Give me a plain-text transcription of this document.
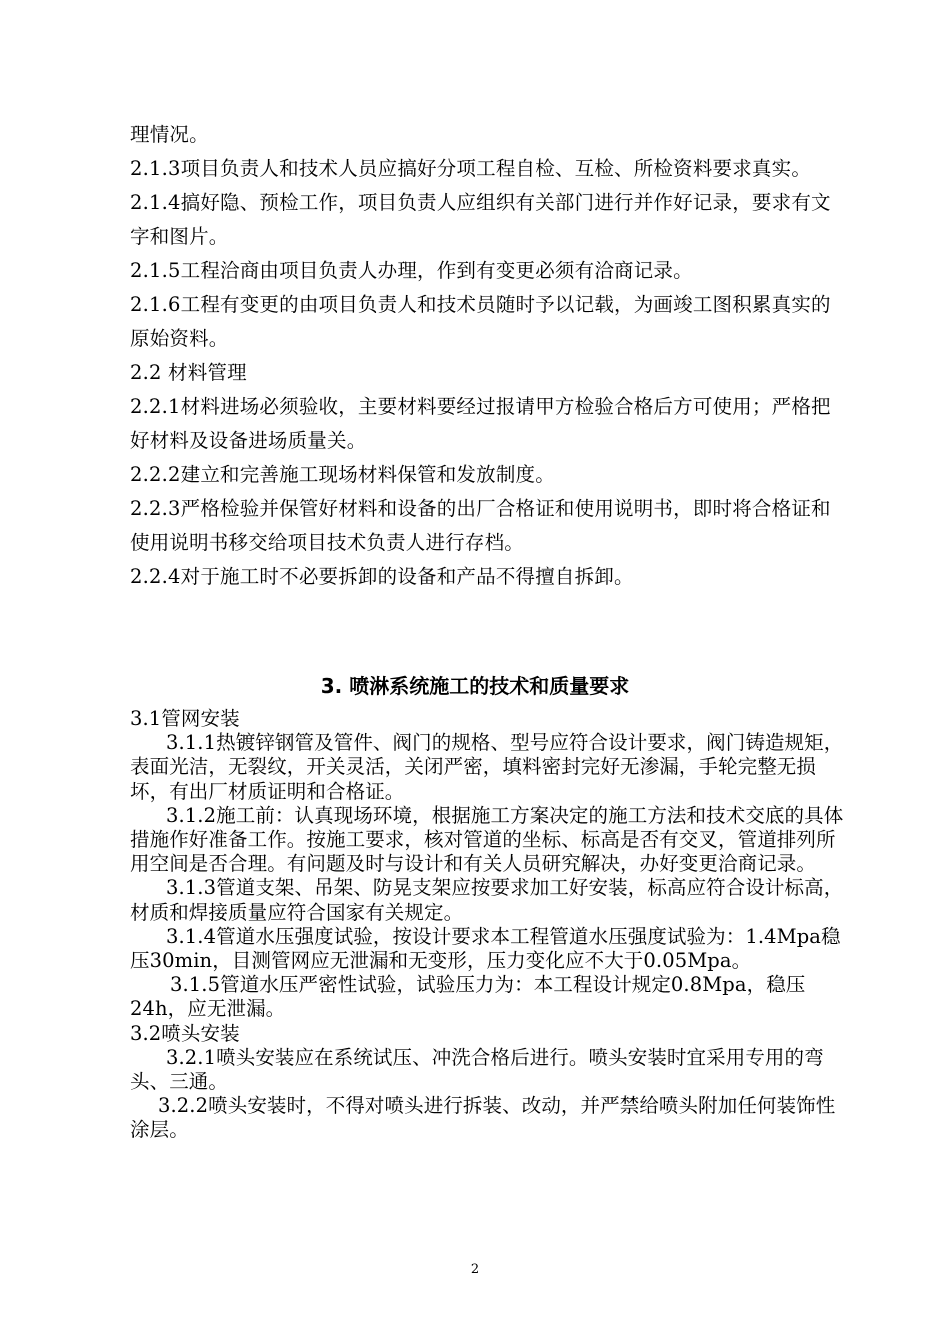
理情况。

2.1.3项目负责人和技术人员应搞好分项工程自检、互检、所检资料要求真实。

2.1.4搞好隐、预检工作，项目负责人应组织有关部门进行并作好记录，要求有文字和图片。

2.1.5工程洽商由项目负责人办理，作到有变更必须有洽商记录。

2.1.6工程有变更的由项目负责人和技术员随时予以记载，为画竣工图积累真实的原始资料。

2.2 材料管理

2.2.1材料进场必须验收，主要材料要经过报请甲方检验合格后方可使用；严格把好材料及设备进场质量关。

2.2.2建立和完善施工现场材料保管和发放制度。

2.2.3严格检验并保管好材料和设备的出厂合格证和使用说明书，即时将合格证和使用说明书移交给项目技术负责人进行存档。

2.2.4对于施工时不必要拆卸的设备和产品不得擅自拆卸。

3. 喷淋系统施工的技术和质量要求

3.1管网安装

3.1.1热镀锌钢管及管件、阀门的规格、型号应符合设计要求，阀门铸造规矩，表面光洁，无裂纹，开关灵活，关闭严密，填料密封完好无渗漏，手轮完整无损坏，有出厂材质证明和合格证。

3.1.2施工前：认真现场环境，根据施工方案决定的施工方法和技术交底的具体措施作好准备工作。按施工要求，核对管道的坐标、标高是否有交叉，管道排列所用空间是否合理。有问题及时与设计和有关人员研究解决，办好变更洽商记录。

3.1.3管道支架、吊架、防晃支架应按要求加工好安装，标高应符合设计标高，材质和焊接质量应符合国家有关规定。

3.1.4管道水压强度试验，按设计要求本工程管道水压强度试验为：1.4Mpa稳压30min，目测管网应无泄漏和无变形，压力变化应不大于0.05Mpa。

3.1.5管道水压严密性试验，试验压力为：本工程设计规定0.8Mpa，稳压24h，应无泄漏。

3.2喷头安装

3.2.1喷头安装应在系统试压、冲洗合格后进行。喷头安装时宜采用专用的弯头、三通。

3.2.2喷头安装时，不得对喷头进行拆装、改动，并严禁给喷头附加任何装饰性涂层。

2
